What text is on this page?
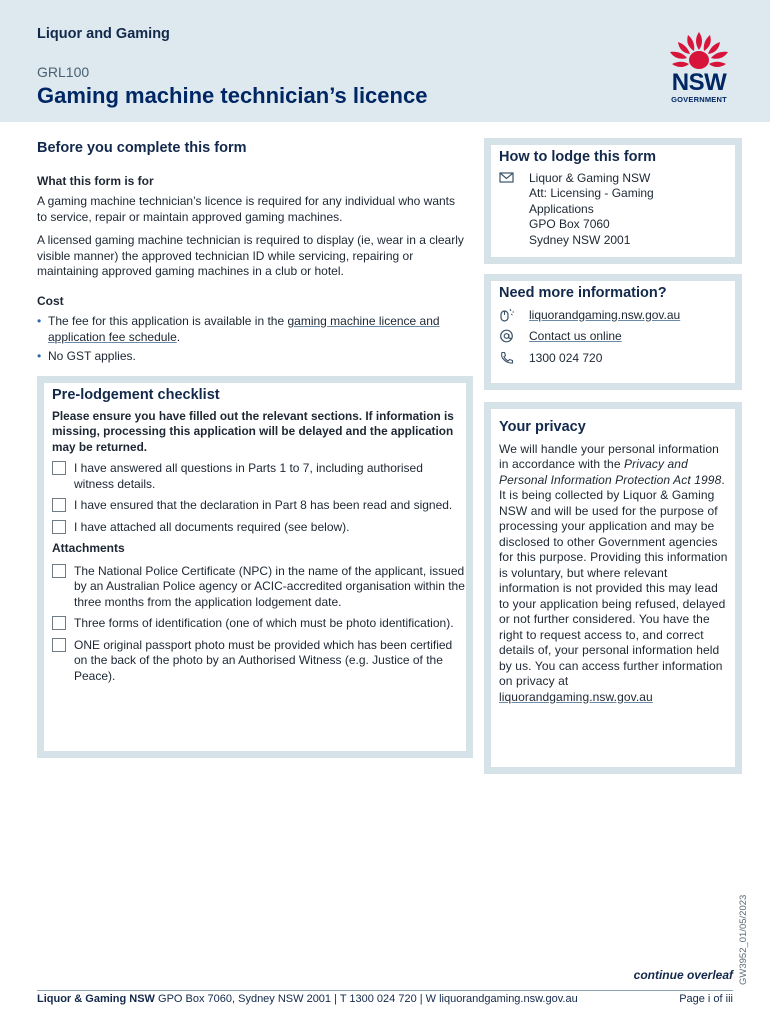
Liquor and Gaming
GRL100
Gaming machine technician’s licence	NSW
GOVERNMENT
Before you complete this form
What this form is for

A gaming machine technician’s licence is required for any individual who wants to service, repair or maintain approved gaming machines.

A licensed gaming machine technician is required to display (ie, wear in a clearly visible manner) the approved technician ID while servicing, repairing or maintaining approved gaming machines in a club or hotel.

Cost
• The fee for this application is available in the gaming machine licence and application fee schedule.
• No GST applies.
Pre-lodgement checklist

Please ensure you have filled out the relevant sections. If information is missing, processing this application will be delayed and the application may be returned.

I have answered all questions in Parts 1 to 7, including authorised witness details.
I have ensured that the declaration in Part 8 has been read and signed.
I have attached all documents required (see below).
Attachments
The National Police Certificate (NPC) in the name of the applicant, issued by an Australian Police agency or ACIC-accredited organisation within the three months from the application lodgement date.
Three forms of identification (one of which must be photo identification).
ONE original passport photo must be provided which has been certified on the back of the photo by an Authorised Witness (e.g. Justice of the Peace).
How to lodge this form
Liquor & Gaming NSW
Att: Licensing - Gaming
Applications
GPO Box 7060
Sydney NSW 2001
Need more information?
liquorandgaming.nsw.gov.au
Contact us online
1300 024 720
Your privacy

We will handle your personal information in accordance with the Privacy and Personal Information Protection Act 1998. It is being collected by Liquor & Gaming NSW and will be used for the purpose of processing your application and may be disclosed to other Government agencies for this purpose. Providing this information is voluntary, but where relevant information is not provided this may lead to your application being refused, delayed or not further considered. You have the right to request access to, and correct details of, your personal information held by us. You can access further information on privacy at
liquorandgaming.nsw.gov.au

GW3952_01/05/2023
continue overleaf
Liquor & Gaming NSW GPO Box 7060, Sydney NSW 2001 | T 1300 024 720 | W liquorandgaming.nsw.gov.au	Page i of iii
